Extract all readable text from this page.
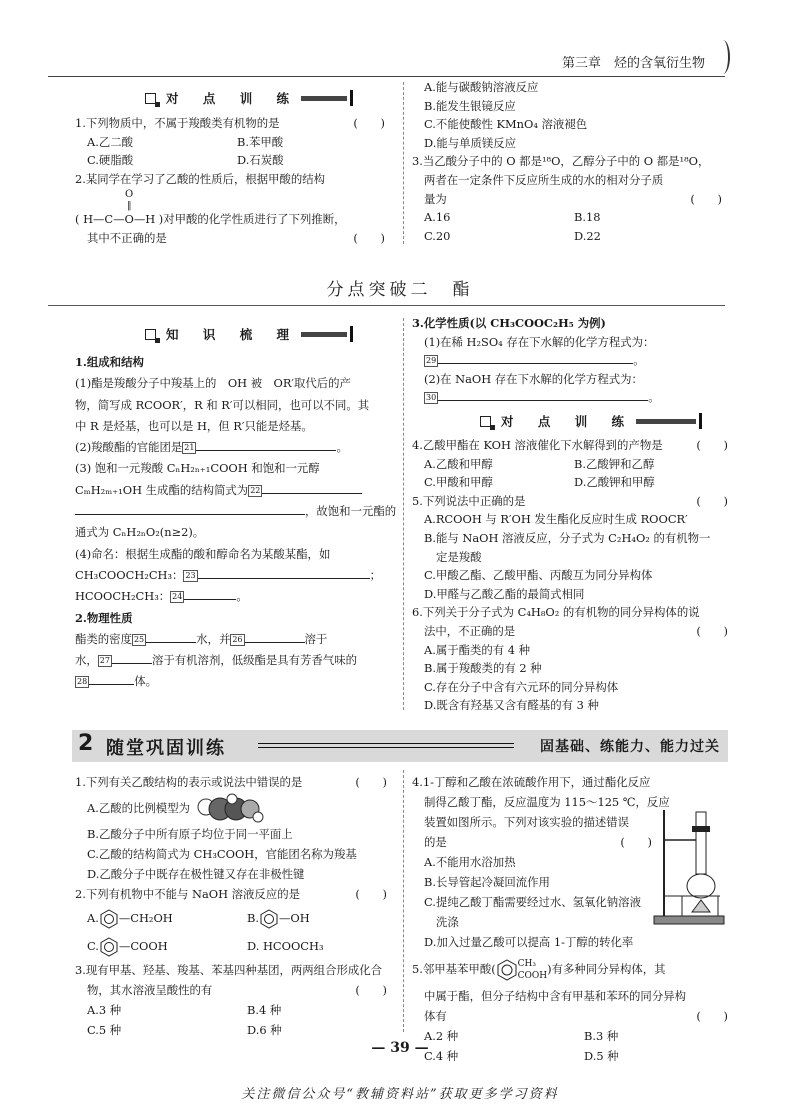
第三章　烃的含氧衍生物
对 点 训 练
1.下列物质中，不属于羧酸类有机物的是	(　　)
A.乙二酸	B.苯甲酸
C.硬脂酸	D.石炭酸
2.某同学在学习了乙酸的性质后，根据甲酸的结构
O
‖
( H—C—O—H )对甲酸的化学性质进行了下列推断，
其中不正确的是	(　　)
A.能与碳酸钠溶液反应
B.能发生银镜反应
C.不能使酸性 KMnO₄ 溶液褪色
D.能与单质镁反应
3.当乙酸分子中的 O 都是¹⁸O，乙醇分子中的 O 都是¹⁸O，
两者在一定条件下反应所生成的水的相对分子质
量为	(　　)
A.16	B.18
C.20	D.22
分点突破二　酯
知 识 梳 理
1.组成和结构
(1)酯是羧酸分子中羧基上的　OH 被　OR′取代后的产
物，简写成 RCOOR′，R 和 R′可以相同，也可以不同。其
中 R 是烃基，也可以是 H，但 R′只能是烃基。
(2)羧酸酯的官能团是 21	。
(3) 饱和一元羧酸 CₙH₂ₙ₊₁COOH 和饱和一元醇
CₘH₂ₘ₊₁OH 生成酯的结构简式为 22
，故饱和一元酯的
通式为 CₙH₂ₙO₂(n≥2)。
(4)命名：根据生成酯的酸和醇命名为某酸某酯，如
CH₃COOCH₂CH₃： 23	；
HCOOCH₂CH₃： 24	。
2.物理性质
酯类的密度 25	水，并 26	溶于
水， 27	溶于有机溶剂，低级酯是具有芳香气味的
28	体。
3.化学性质(以 CH₃COOC₂H₅ 为例)
(1)在稀 H₂SO₄ 存在下水解的化学方程式为：
29	。
(2)在 NaOH 存在下水解的化学方程式为：
30	。
对 点 训 练
4.乙酸甲酯在 KOH 溶液催化下水解得到的产物是	(　　)
A.乙酸和甲醇	B.乙酸钾和乙醇
C.甲酸和甲醇	D.乙酸钾和甲醇
5.下列说法中正确的是	(　　)
A.RCOOH 与 R′OH 发生酯化反应时生成 ROOCR′
B.能与 NaOH 溶液反应，分子式为 C₂H₄O₂ 的有机物一
定是羧酸
C.甲酸乙酯、乙酸甲酯、丙酸互为同分异构体
D.甲醛与乙酸乙酯的最简式相同
6.下列关于分子式为 C₄H₈O₂ 的有机物的同分异构体的说
法中，不正确的是	(　　)
A.属于酯类的有 4 种
B.属于羧酸类的有 2 种
C.存在分子中含有六元环的同分异构体
D.既含有羟基又含有醛基的有 3 种
2 随堂巩固训练	固基础、练能力、能力过关
1.下列有关乙酸结构的表示或说法中错误的是	(　　)
A.乙酸的比例模型为
B.乙酸分子中所有原子均位于同一平面上
C.乙酸的结构简式为 CH₃COOH，官能团名称为羧基
D.乙酸分子中既存在极性键又存在非极性键
2.下列有机物中不能与 NaOH 溶液反应的是	(　　)
A. —CH₂OH	B. —OH
C. —COOH	D. HCOOCH₃
3.现有甲基、羟基、羧基、苯基四种基团，两两组合形成化合
物，其水溶液呈酸性的有	(　　)
A.3 种	B.4 种
C.5 种	D.6 种
4.1-丁醇和乙酸在浓硫酸作用下，通过酯化反应
制得乙酸丁酯，反应温度为 115～125 ℃，反应
装置如图所示。下列对该实验的描述错误
的是	(　　)
A.不能用水浴加热
B.长导管起冷凝回流作用
C.提纯乙酸丁酯需要经过水、氢氧化钠溶液
洗涤
D.加入过量乙酸可以提高 1-丁醇的转化率
5.邻甲基苯甲酸( CH₃
COOH)有多种同分异构体，其
中属于酯，但分子结构中含有甲基和苯环的同分异构
体有	(　　)
A.2 种	B.3 种
C.4 种	D.5 种
— 39 —
关注微信公众号“教辅资料站”获取更多学习资料
